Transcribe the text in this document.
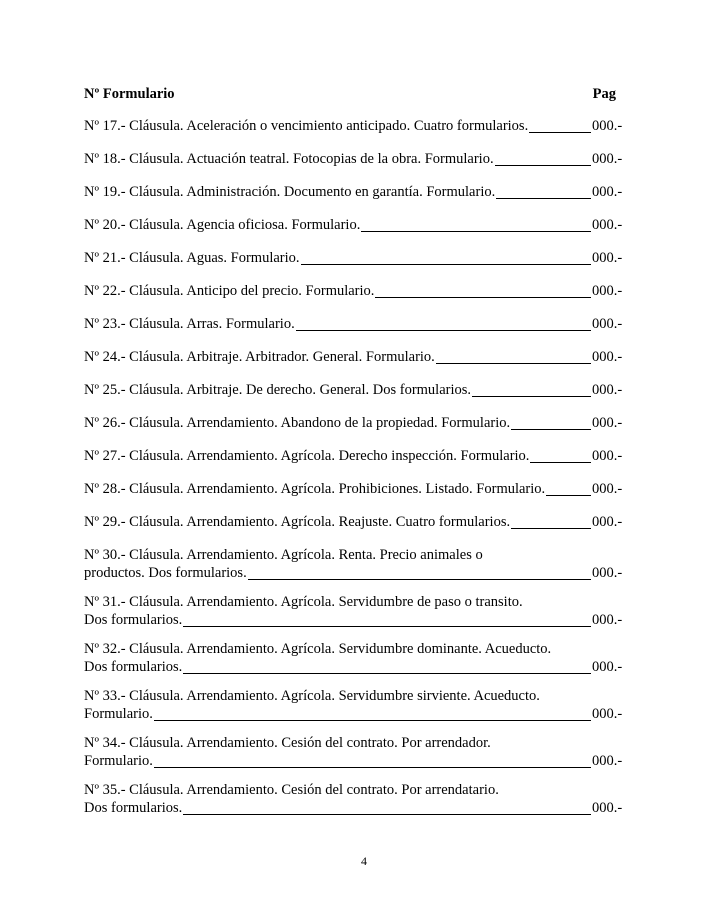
Nº Formulario	Pag
Nº 17.- Cláusula. Aceleración o vencimiento anticipado. Cuatro formularios.	000.-
Nº 18.- Cláusula. Actuación teatral. Fotocopias de la obra. Formulario.	000.-
Nº 19.- Cláusula. Administración. Documento en garantía. Formulario.	000.-
Nº 20.- Cláusula. Agencia oficiosa. Formulario.	000.-
Nº 21.- Cláusula. Aguas. Formulario.	000.-
Nº 22.- Cláusula. Anticipo del precio. Formulario.	000.-
Nº 23.- Cláusula. Arras. Formulario.	000.-
Nº 24.- Cláusula. Arbitraje. Arbitrador. General. Formulario.	000.-
Nº 25.- Cláusula. Arbitraje. De derecho. General. Dos formularios.	000.-
Nº 26.- Cláusula. Arrendamiento. Abandono de la propiedad. Formulario.	000.-
Nº 27.- Cláusula. Arrendamiento. Agrícola. Derecho inspección. Formulario.	000.-
Nº 28.- Cláusula. Arrendamiento. Agrícola. Prohibiciones. Listado. Formulario.	000.-
Nº 29.- Cláusula. Arrendamiento. Agrícola. Reajuste. Cuatro formularios.	000.-
Nº 30.- Cláusula. Arrendamiento. Agrícola. Renta. Precio animales o
productos. Dos formularios.	000.-
Nº 31.- Cláusula. Arrendamiento. Agrícola. Servidumbre de paso o transito.
Dos formularios.	000.-
Nº 32.- Cláusula. Arrendamiento. Agrícola. Servidumbre dominante. Acueducto.
Dos formularios.	000.-
Nº 33.- Cláusula. Arrendamiento. Agrícola. Servidumbre sirviente. Acueducto.
Formulario.	000.-
Nº 34.- Cláusula. Arrendamiento. Cesión del contrato. Por arrendador.
Formulario.	000.-
Nº 35.- Cláusula. Arrendamiento. Cesión del contrato. Por arrendatario.
Dos formularios.	000.-
4
